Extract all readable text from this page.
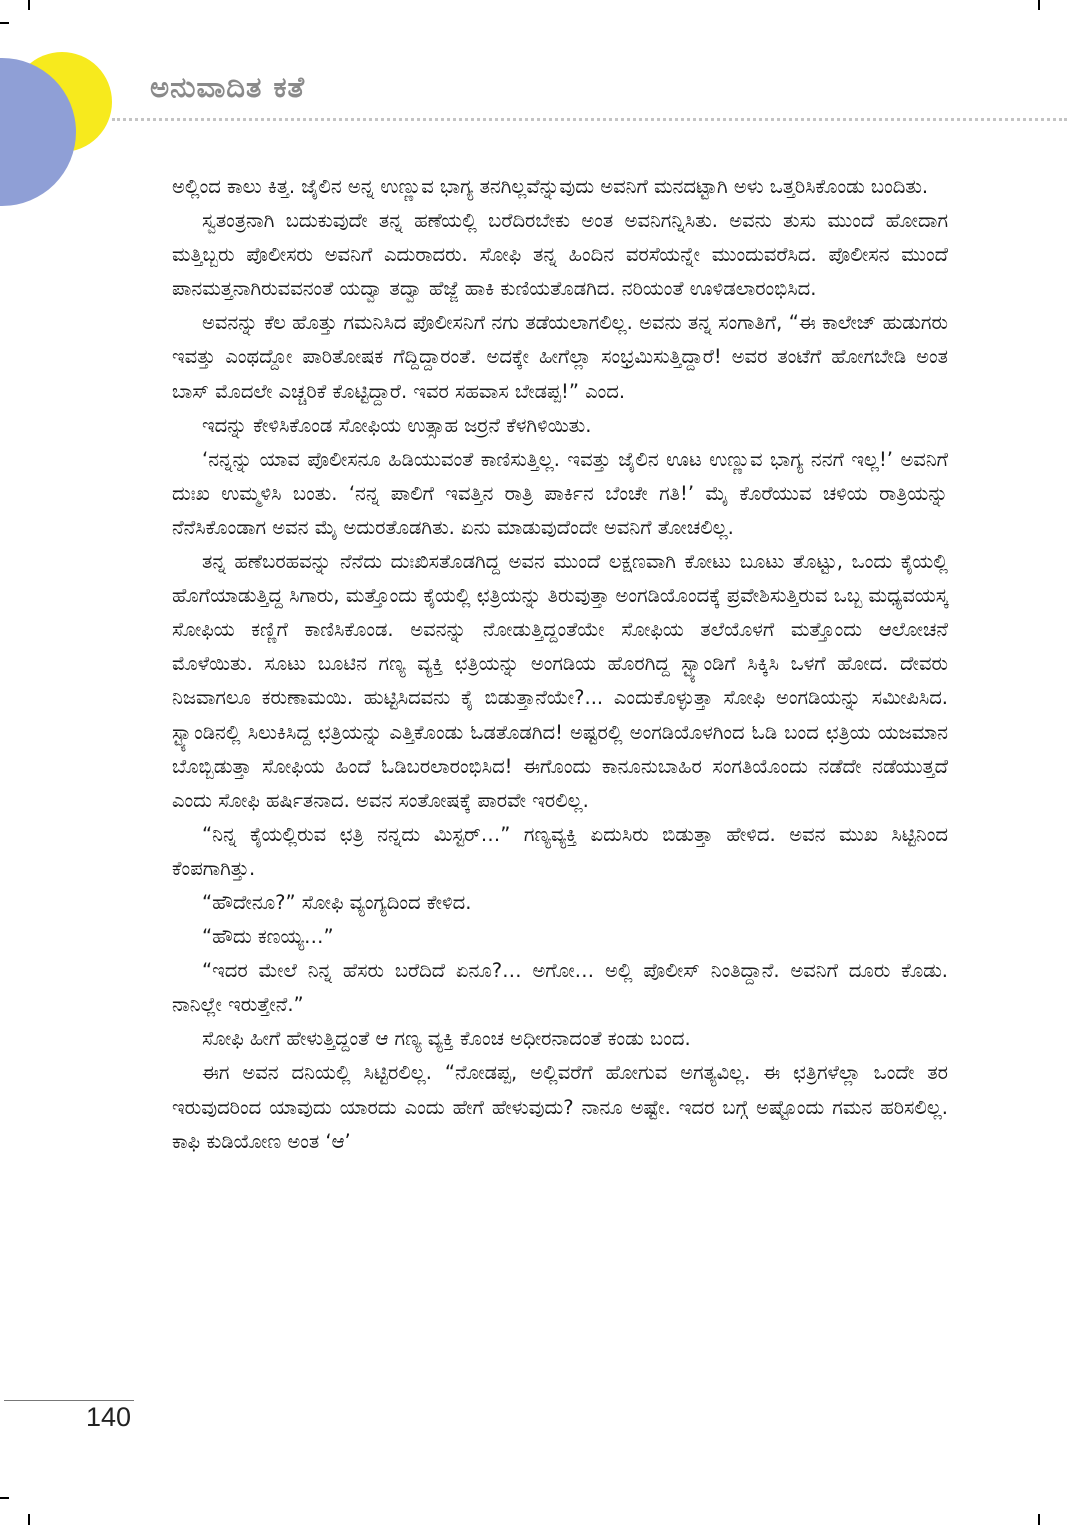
ಅನುವಾದಿತ ಕತೆ

ಅಲ್ಲಿಂದ ಕಾಲು ಕಿತ್ತ. ಜೈಲಿನ ಅನ್ನ ಉಣ್ಣುವ ಭಾಗ್ಯ ತನಗಿಲ್ಲವೆನ್ನುವುದು ಅವನಿಗೆ ಮನದಟ್ಟಾಗಿ ಅಳು ಒತ್ತರಿಸಿಕೊಂಡು ಬಂದಿತು.

ಸ್ವತಂತ್ರನಾಗಿ ಬದುಕುವುದೇ ತನ್ನ ಹಣೆಯಲ್ಲಿ ಬರೆದಿರಬೇಕು ಅಂತ ಅವನಿಗನ್ನಿಸಿತು. ಅವನು ತುಸು ಮುಂದೆ ಹೋದಾಗ ಮತ್ತಿಬ್ಬರು ಪೊಲೀಸರು ಅವನಿಗೆ ಎದುರಾದರು. ಸೋಫಿ ತನ್ನ ಹಿಂದಿನ ವರಸೆಯನ್ನೇ ಮುಂದುವರೆಸಿದ. ಪೊಲೀಸನ ಮುಂದೆ ಪಾನಮತ್ತನಾಗಿರುವವನಂತೆ ಯದ್ವಾ ತದ್ವಾ ಹೆಜ್ಜೆ ಹಾಕಿ ಕುಣಿಯತೊಡಗಿದ. ನರಿಯಂತೆ ಊಳಿಡಲಾರಂಭಿಸಿದ.

ಅವನನ್ನು ಕೆಲ ಹೊತ್ತು ಗಮನಿಸಿದ ಪೊಲೀಸನಿಗೆ ನಗು ತಡೆಯಲಾಗಲಿಲ್ಲ. ಅವನು ತನ್ನ ಸಂಗಾತಿಗೆ, “ಈ ಕಾಲೇಜ್ ಹುಡುಗರು ಇವತ್ತು ಎಂಥದ್ದೋ ಪಾರಿತೋಷಕ ಗೆದ್ದಿದ್ದಾರಂತೆ. ಅದಕ್ಕೇ ಹೀಗೆಲ್ಲಾ ಸಂಭ್ರಮಿಸುತ್ತಿದ್ದಾರೆ! ಅವರ ತಂಟೆಗೆ ಹೋಗಬೇಡಿ ಅಂತ ಬಾಸ್ ಮೊದಲೇ ಎಚ್ಚರಿಕೆ ಕೊಟ್ಟಿದ್ದಾರೆ. ಇವರ ಸಹವಾಸ ಬೇಡಪ್ಪ!” ಎಂದ.

ಇದನ್ನು ಕೇಳಿಸಿಕೊಂಡ ಸೋಫಿಯ ಉತ್ಸಾಹ ಜರ್ರನೆ ಕೆಳಗಿಳಿಯಿತು.

‘ನನ್ನನ್ನು ಯಾವ ಪೊಲೀಸನೂ ಹಿಡಿಯುವಂತೆ ಕಾಣಿಸುತ್ತಿಲ್ಲ. ಇವತ್ತು ಜೈಲಿನ ಊಟ ಉಣ್ಣುವ ಭಾಗ್ಯ ನನಗೆ ಇಲ್ಲ!’ ಅವನಿಗೆ ದುಃಖ ಉಮ್ಮಳಿಸಿ ಬಂತು. ‘ನನ್ನ ಪಾಲಿಗೆ ಇವತ್ತಿನ ರಾತ್ರಿ ಪಾರ್ಕಿನ ಬೆಂಚೇ ಗತಿ!’ ಮೈ ಕೊರೆಯುವ ಚಳಿಯ ರಾತ್ರಿಯನ್ನು ನೆನೆಸಿಕೊಂಡಾಗ ಅವನ ಮೈ ಅದುರತೊಡಗಿತು. ಏನು ಮಾಡುವುದೆಂದೇ ಅವನಿಗೆ ತೋಚಲಿಲ್ಲ.

ತನ್ನ ಹಣೆಬರಹವನ್ನು ನೆನೆದು ದುಃಖಿಸತೊಡಗಿದ್ದ ಅವನ ಮುಂದೆ ಲಕ್ಷಣವಾಗಿ ಕೋಟು ಬೂಟು ತೊಟ್ಟು, ಒಂದು ಕೈಯಲ್ಲಿ ಹೊಗೆಯಾಡುತ್ತಿದ್ದ ಸಿಗಾರು, ಮತ್ತೊಂದು ಕೈಯಲ್ಲಿ ಛತ್ರಿಯನ್ನು ತಿರುವುತ್ತಾ ಅಂಗಡಿಯೊಂದಕ್ಕೆ ಪ್ರವೇಶಿಸುತ್ತಿರುವ ಒಬ್ಬ ಮಧ್ಯವಯಸ್ಕ ಸೋಫಿಯ ಕಣ್ಣಿಗೆ ಕಾಣಿಸಿಕೊಂಡ. ಅವನನ್ನು ನೋಡುತ್ತಿದ್ದಂತೆಯೇ ಸೋಫಿಯ ತಲೆಯೊಳಗೆ ಮತ್ತೊಂದು ಆಲೋಚನೆ ಮೊಳೆಯಿತು. ಸೂಟು ಬೂಟಿನ ಗಣ್ಯ ವ್ಯಕ್ತಿ ಛತ್ರಿಯನ್ನು ಅಂಗಡಿಯ ಹೊರಗಿದ್ದ ಸ್ಟ್ಯಾಂಡಿಗೆ ಸಿಕ್ಕಿಸಿ ಒಳಗೆ ಹೋದ. ದೇವರು ನಿಜವಾಗಲೂ ಕರುಣಾಮಯಿ. ಹುಟ್ಟಿಸಿದವನು ಕೈ ಬಿಡುತ್ತಾನೆಯೇ?... ಎಂದುಕೊಳ್ಳುತ್ತಾ ಸೋಫಿ ಅಂಗಡಿಯನ್ನು ಸಮೀಪಿಸಿದ. ಸ್ಟ್ಯಾಂಡಿನಲ್ಲಿ ಸಿಲುಕಿಸಿದ್ದ ಛತ್ರಿಯನ್ನು ಎತ್ತಿಕೊಂಡು ಓಡತೊಡಗಿದ! ಅಷ್ಟರಲ್ಲಿ ಅಂಗಡಿಯೊಳಗಿಂದ ಓಡಿ ಬಂದ ಛತ್ರಿಯ ಯಜಮಾನ ಬೊಬ್ಬಿಡುತ್ತಾ ಸೋಫಿಯ ಹಿಂದೆ ಓಡಿಬರಲಾರಂಭಿಸಿದ! ಈಗೊಂದು ಕಾನೂನುಬಾಹಿರ ಸಂಗತಿಯೊಂದು ನಡೆದೇ ನಡೆಯುತ್ತದೆ ಎಂದು ಸೋಫಿ ಹರ್ಷಿತನಾದ. ಅವನ ಸಂತೋಷಕ್ಕೆ ಪಾರವೇ ಇರಲಿಲ್ಲ.

“ನಿನ್ನ ಕೈಯಲ್ಲಿರುವ ಛತ್ರಿ ನನ್ನದು ಮಿಸ್ಟರ್…” ಗಣ್ಯವ್ಯಕ್ತಿ ಏದುಸಿರು ಬಿಡುತ್ತಾ ಹೇಳಿದ. ಅವನ ಮುಖ ಸಿಟ್ಟಿನಿಂದ ಕೆಂಪಗಾಗಿತ್ತು.

“ಹೌದೇನೂ?” ಸೋಫಿ ವ್ಯಂಗ್ಯದಿಂದ ಕೇಳಿದ.

“ಹೌದು ಕಣಯ್ಯ…”

“ಇದರ ಮೇಲೆ ನಿನ್ನ ಹೆಸರು ಬರೆದಿದೆ ಏನೂ?… ಅಗೋ… ಅಲ್ಲಿ ಪೊಲೀಸ್ ನಿಂತಿದ್ದಾನೆ. ಅವನಿಗೆ ದೂರು ಕೊಡು. ನಾನಿಲ್ಲೇ ಇರುತ್ತೇನೆ.”

ಸೋಫಿ ಹೀಗೆ ಹೇಳುತ್ತಿದ್ದಂತೆ ಆ ಗಣ್ಯ ವ್ಯಕ್ತಿ ಕೊಂಚ ಅಧೀರನಾದಂತೆ ಕಂಡು ಬಂದ.

ಈಗ ಅವನ ದನಿಯಲ್ಲಿ ಸಿಟ್ಟಿರಲಿಲ್ಲ. “ನೋಡಪ್ಪ, ಅಲ್ಲಿವರೆಗೆ ಹೋಗುವ ಅಗತ್ಯವಿಲ್ಲ. ಈ ಛತ್ರಿಗಳೆಲ್ಲಾ ಒಂದೇ ತರ ಇರುವುದರಿಂದ ಯಾವುದು ಯಾರದು ಎಂದು ಹೇಗೆ ಹೇಳುವುದು? ನಾನೂ ಅಷ್ಟೇ. ಇದರ ಬಗ್ಗೆ ಅಷ್ಟೊಂದು ಗಮನ ಹರಿಸಲಿಲ್ಲ. ಕಾಫಿ ಕುಡಿಯೋಣ ಅಂತ ‘ಆ’

140
